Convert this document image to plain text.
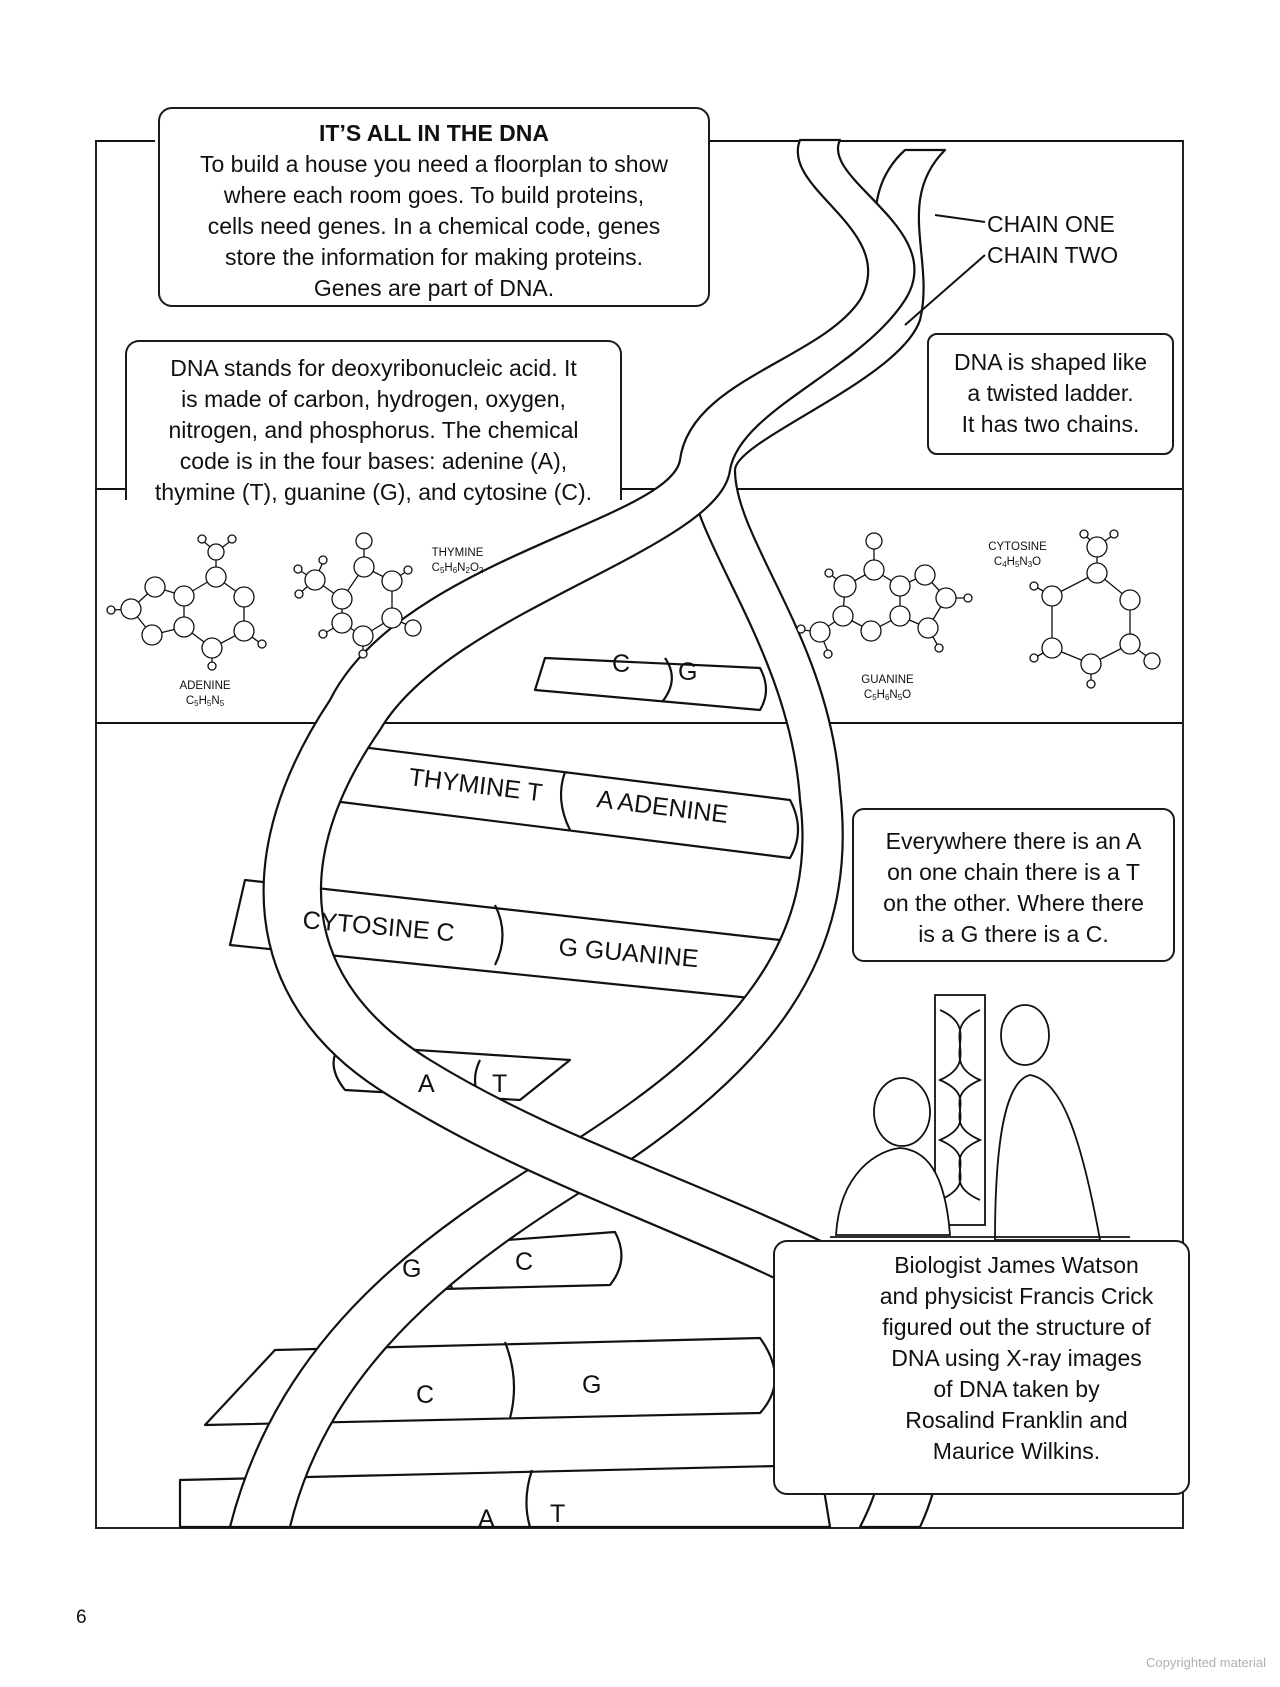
C G
THYMINE T A ADENINE
CYTOSINE C
G GUANINE
A T
G	C
C	G
A T

IT’S ALL IN THE DNA

To build a house you need a floorplan to show

where each room goes. To build proteins,

cells need genes. In a chemical code, genes

store the information for making proteins.

Genes are part of DNA.

DNA stands for deoxyribonucleic acid. It

is made of carbon, hydrogen, oxygen,

nitrogen, and phosphorus. The chemical

code is in the four bases: adenine (A),

thymine (T), guanine (G), and cytosine (C).

CHAIN ONE
CHAIN TWO

DNA is shaped like

a twisted ladder.

It has two chains.

ADENINE
$C_5H_5N_5$
THYMINE
$C_5H_6N_2O_2$
GUANINE
$C_5H_6N_5O$
CYTOSINE
$C_4H_5N_3O$

Everywhere there is an A

on one chain there is a T

on the other. Where there

is a G there is a C.

Biologist James Watson

and physicist Francis Crick

figured out the structure of

DNA using X-ray images

of DNA taken by

Rosalind Franklin and

Maurice Wilkins.

6
Copyrighted material
